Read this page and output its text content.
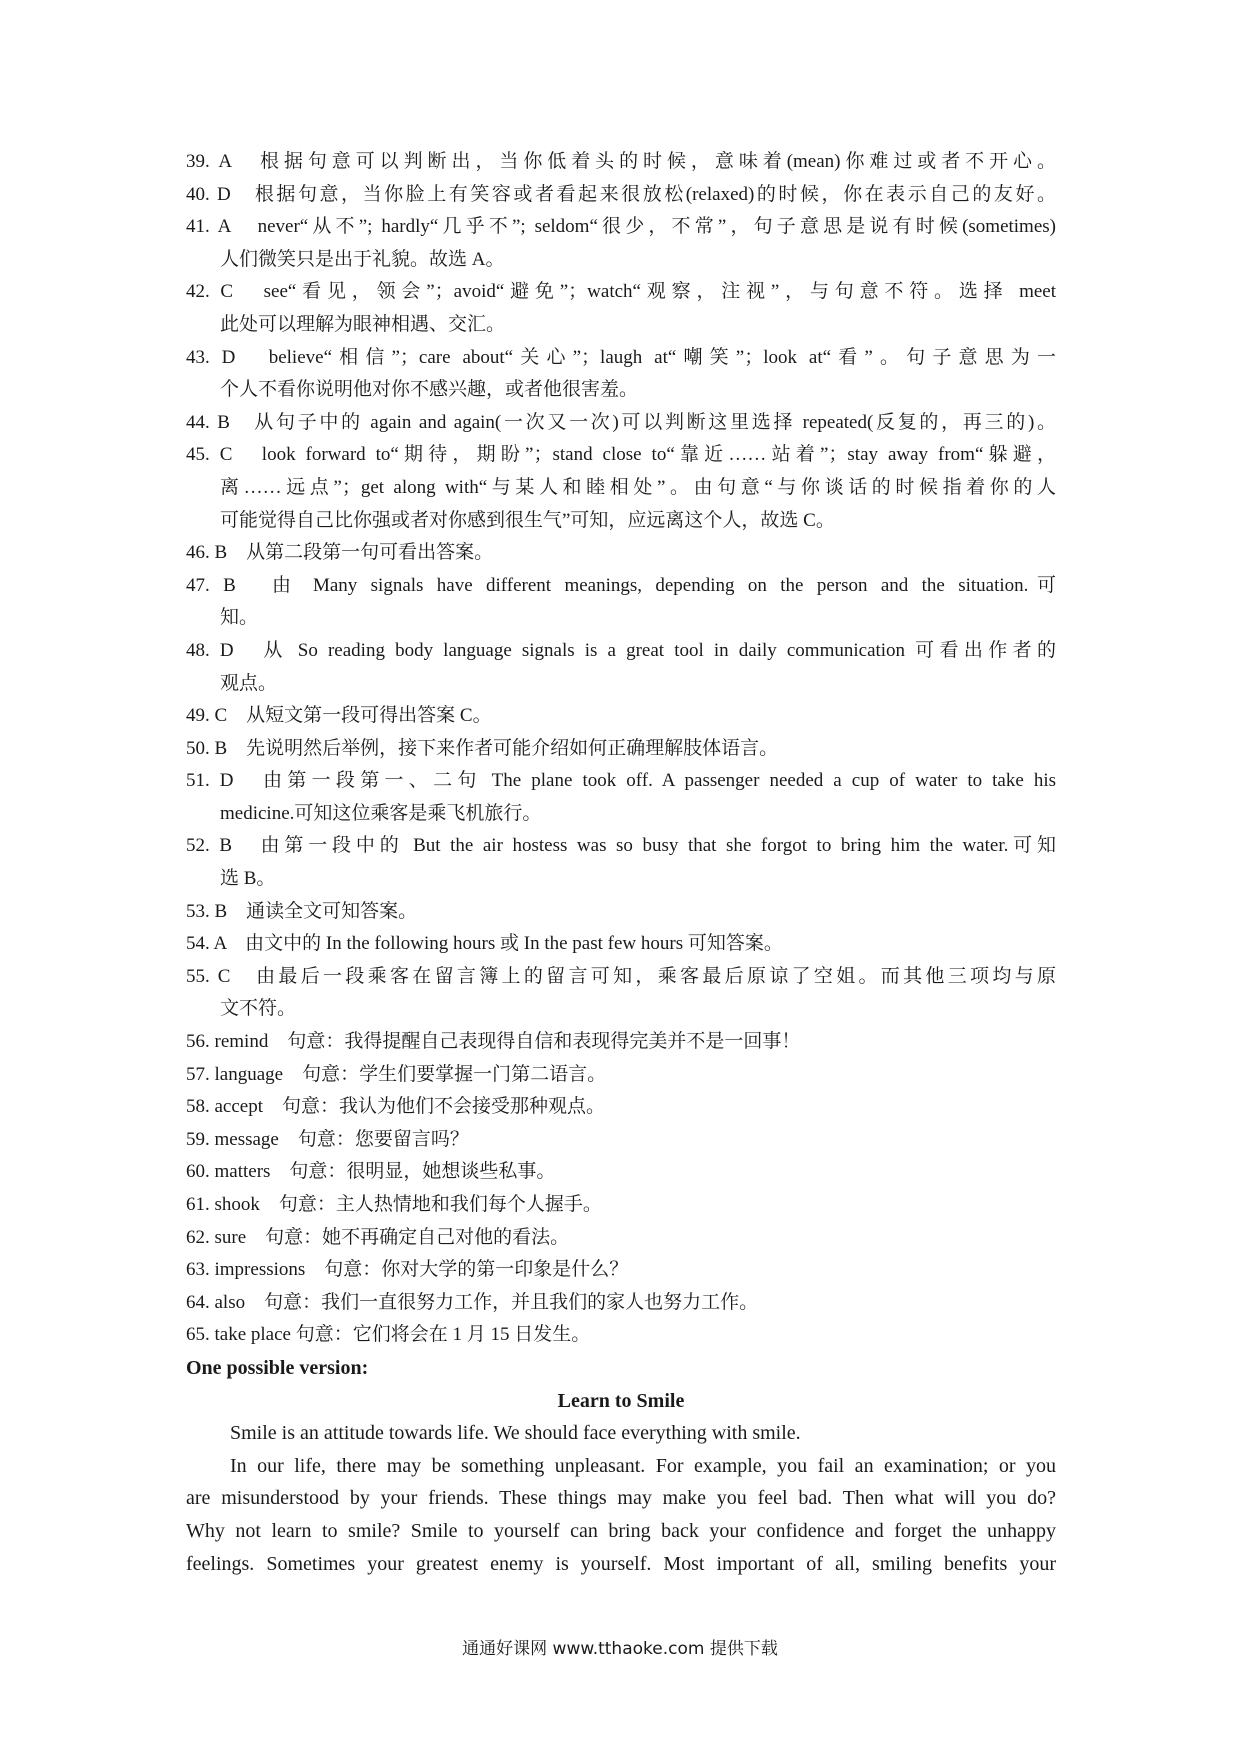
39. A　根据句意可以判断出，当你低着头的时候，意味着(mean)你难过或者不开心。
40. D　根据句意，当你脸上有笑容或者看起来很放松(relaxed)的时候，你在表示自己的友好。
41. A　never“从不”; hardly“几乎不”; seldom“很少，不常”，句子意思是说有时候(sometimes)
人们微笑只是出于礼貌。故选 A。
42. C　see“看见，领会”；avoid“避免”；watch“观察，注视”，与句意不符。选择 meet
此处可以理解为眼神相遇、交汇。
43. D　believe“相信”；care about“关心”；laugh at“嘲笑”；look at“看”。句子意思为一
个人不看你说明他对你不感兴趣，或者他很害羞。
44. B　从句子中的 again and again(一次又一次)可以判断这里选择 repeated(反复的，再三的)。
45. C　look forward to“期待，期盼”；stand close to“靠近……站着”；stay away from“躲避，
离……远点”；get along with“与某人和睦相处”。由句意“与你谈话的时候指着你的人
可能觉得自己比你强或者对你感到很生气”可知，应远离这个人，故选 C。
46. B　从第二段第一句可看出答案。
47. B　由 Many signals have different meanings, depending on the person and the situation.可
知。
48. D　从 So reading body language signals is a great tool in daily communication 可看出作者的
观点。
49. C　从短文第一段可得出答案 C。
50. B　先说明然后举例，接下来作者可能介绍如何正确理解肢体语言。
51. D　由第一段第一、二句 The plane took off. A passenger needed a cup of water to take his
medicine.可知这位乘客是乘飞机旅行。
52. B　由第一段中的 But the air hostess was so busy that she forgot to bring him the water.可知
选 B。
53. B　通读全文可知答案。
54. A　由文中的 In the following hours 或 In the past few hours 可知答案。
55. C　由最后一段乘客在留言簿上的留言可知，乘客最后原谅了空姐。而其他三项均与原
文不符。
56. remind　句意：我得提醒自己表现得自信和表现得完美并不是一回事！
57. language　句意：学生们要掌握一门第二语言。
58. accept　句意：我认为他们不会接受那种观点。
59. message　句意：您要留言吗？
60. matters　句意：很明显，她想谈些私事。
61. shook　句意：主人热情地和我们每个人握手。
62. sure　句意：她不再确定自己对他的看法。
63. impressions　句意：你对大学的第一印象是什么？
64. also　句意：我们一直很努力工作，并且我们的家人也努力工作。
65. take place 句意：它们将会在 1 月 15 日发生。
One possible version:
Learn to Smile
Smile is an attitude towards life. We should face everything with smile.
In our life, there may be something unpleasant. For example, you fail an examination; or you
are misunderstood by your friends. These things may make you feel bad. Then what will you do?
Why not learn to smile? Smile to yourself can bring back your confidence and forget the unhappy
feelings. Sometimes your greatest enemy is yourself. Most important of all, smiling benefits your
通通好课网 www.tthaoke.com 提供下载
